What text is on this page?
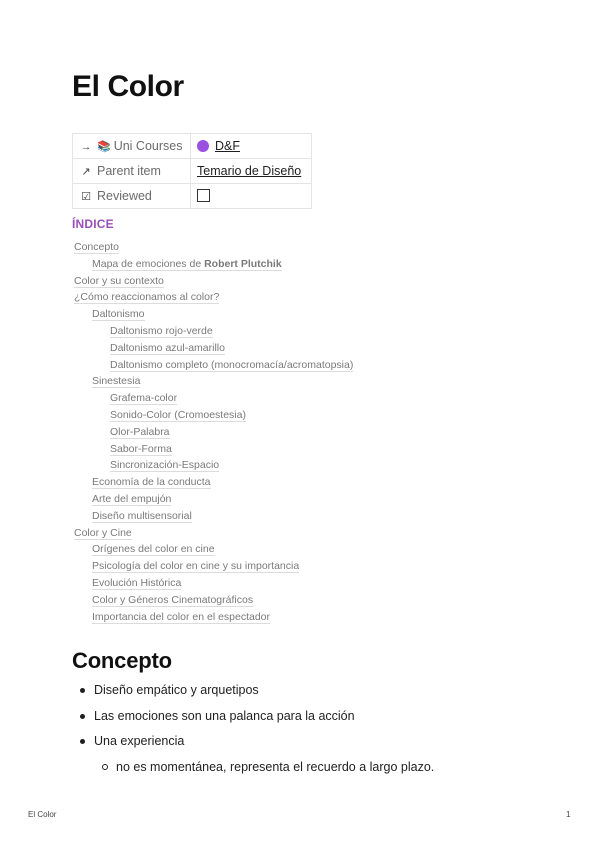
El Color
→ 📚 Uni Courses	D&F
↗ Parent item	Temario de Diseño
☑ Reviewed	
ÍNDICE
Concepto
Mapa de emociones de Robert Plutchik
Color y su contexto
¿Cómo reaccionamos al color?
Daltonismo
Daltonismo rojo-verde
Daltonismo azul-amarillo
Daltonismo completo (monocromacía/acromatopsia)
Sinestesia
Grafema-color
Sonido-Color (Cromoestesia)
Olor-Palabra
Sabor-Forma
Sincronización-Espacio
Economía de la conducta
Arte del empujón
Diseño multisensorial
Color y Cine
Orígenes del color en cine
Psicología del color en cine y su importancia
Evolución Histórica
Color y Géneros Cinematográficos
Importancia del color en el espectador
Concepto
Diseño empático y arquetipos
Las emociones son una palanca para la acción
Una experiencia
no es momentánea, representa el recuerdo a largo plazo.
El Color	1
